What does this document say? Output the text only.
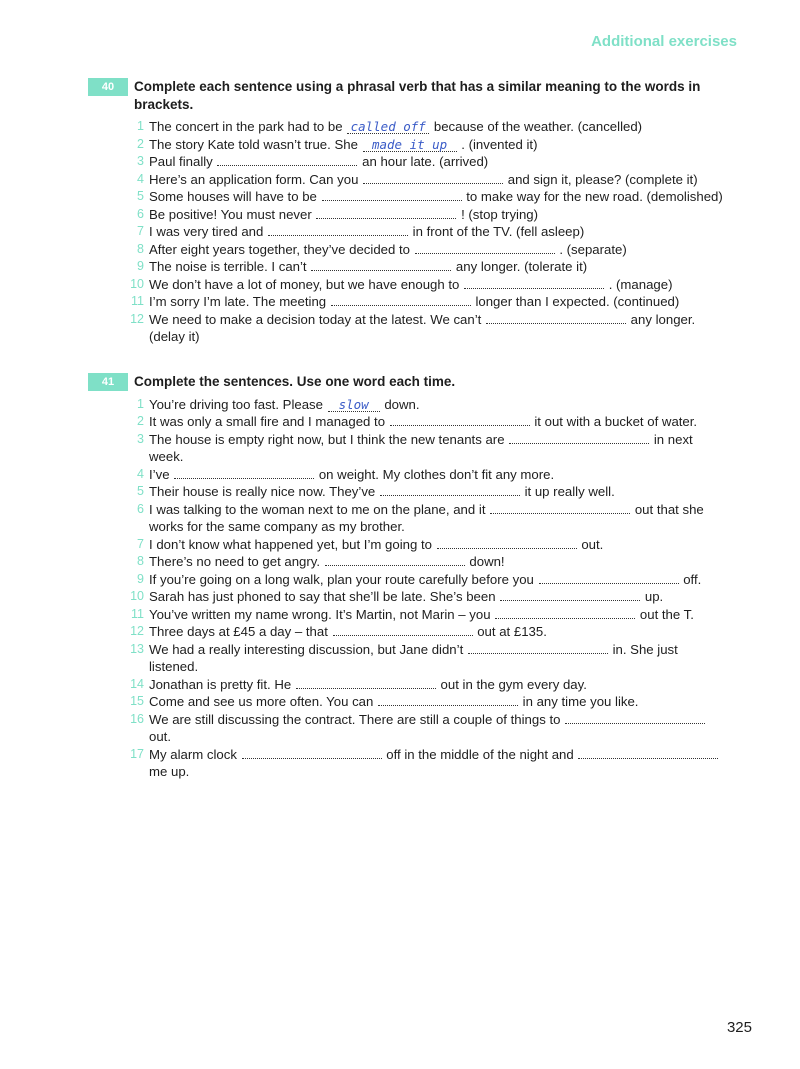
Additional exercises
40	Complete each sentence using a phrasal verb that has a similar meaning to the words in brackets.
1 The concert in the park had to be called off because of the weather. (cancelled)
2 The story Kate told wasn’t true. She made it up . (invented it)
3 Paul finally	an hour late. (arrived)
4 Here’s an application form. Can you	and sign it, please? (complete it)
5 Some houses will have to be	to make way for the new road. (demolished)
6 Be positive! You must never	! (stop trying)
7 I was very tired and	in front of the TV. (fell asleep)
8 After eight years together, they’ve decided to	. (separate)
9 The noise is terrible. I can’t	any longer. (tolerate it)
10 We don’t have a lot of money, but we have enough to	. (manage)
11 I’m sorry I’m late. The meeting	longer than I expected. (continued)
12 We need to make a decision today at the latest. We can’t	any longer. (delay it)
41	Complete the sentences. Use one word each time.
1 You’re driving too fast. Please slow down.
2 It was only a small fire and I managed to	it out with a bucket of water.
3 The house is empty right now, but I think the new tenants are	in next week.
4 I’ve	on weight. My clothes don’t fit any more.
5 Their house is really nice now. They’ve	it up really well.
6 I was talking to the woman next to me on the plane, and it	out that she works for the same company as my brother.
7 I don’t know what happened yet, but I’m going to	out.
8 There’s no need to get angry.	down!
9 If you’re going on a long walk, plan your route carefully before you	off.
10 Sarah has just phoned to say that she’ll be late. She’s been	up.
11 You’ve written my name wrong. It’s Martin, not Marin – you	out the T.
12 Three days at £45 a day – that	out at £135.
13 We had a really interesting discussion, but Jane didn’t	in. She just listened.
14 Jonathan is pretty fit. He	out in the gym every day.
15 Come and see us more often. You can	in any time you like.
16 We are still discussing the contract. There are still a couple of things to  out.
17 My alarm clock	off in the middle of the night and  me up.
325
